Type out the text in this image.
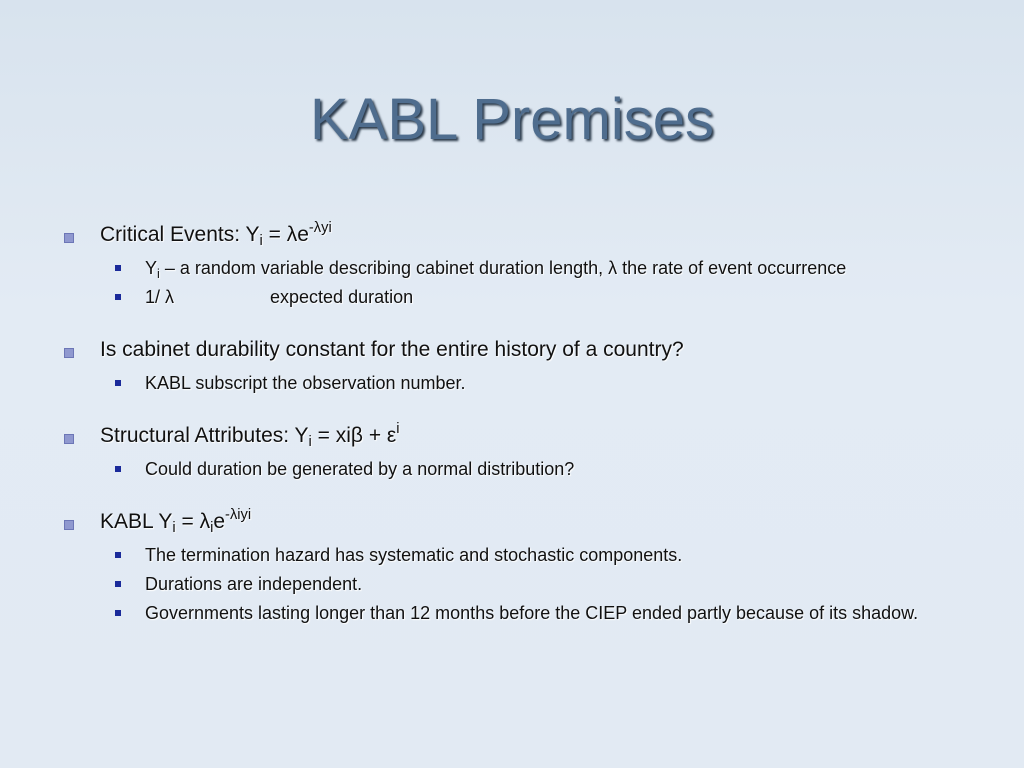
KABL Premises
Critical Events: $Y_i = \lambda e^{-\lambda yi}$
$Y_i$ – a random variable describing cabinet duration length, λ the rate of event occurrence
1/ λ	expected duration
Is cabinet durability constant for the entire history of a country?
KABL subscript the observation number.
Structural Attributes: $Y_i = xi\beta + \varepsilon^i$
Could duration be generated by a normal distribution?
KABL $Y_i = \lambda_ie^{-\lambda iyi}$
The termination hazard has systematic and stochastic components.
Durations are independent.
Governments lasting longer than 12 months before the CIEP ended partly because of its shadow.
